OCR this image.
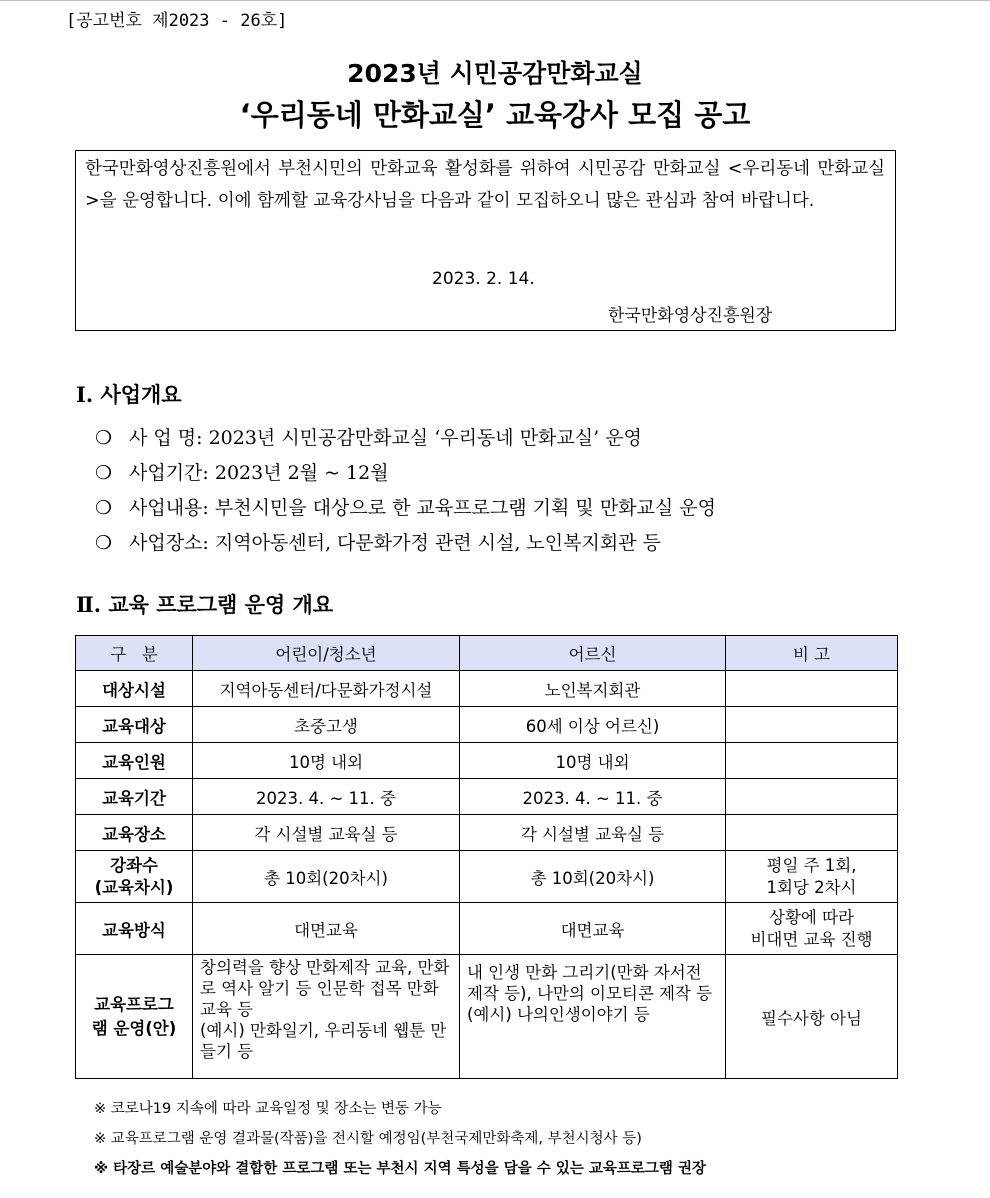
[공고번호 제2023 - 26호]
2023년 시민공감만화교실
‘우리동네 만화교실’ 교육강사 모집 공고
한국만화영상진흥원에서 부천시민의 만화교육 활성화를 위하여 시민공감 만화교실 <우리동네 만화교실>을 운영합니다. 이에 함께할 교육강사님을 다음과 같이 모집하오니 많은 관심과 참여 바랍니다.
2023. 2. 14.
한국만화영상진흥원장
Ⅰ. 사업개요
❍ 사 업 명: 2023년 시민공감만화교실 ‘우리동네 만화교실’ 운영
❍ 사업기간: 2023년 2월 ~ 12월
❍ 사업내용: 부천시민을 대상으로 한 교육프로그램 기획 및 만화교실 운영
❍ 사업장소: 지역아동센터, 다문화가정 관련 시설, 노인복지회관 등
Ⅱ. 교육 프로그램 운영 개요
구   분	어린이/청소년	어르신	비 고
대상시설	지역아동센터/다문화가정시설	노인복지회관	
교육대상	초중고생	60세 이상 어르신)	
교육인원	10명 내외	10명 내외	
교육기간	2023. 4. ~ 11. 중	2023. 4. ~ 11. 중	
교육장소	각 시설별 교육실 등	각 시설별 교육실 등	
강좌수
(교육차시)	총 10회(20차시)	총 10회(20차시)	평일 주 1회,
1회당 2차시
교육방식	대면교육	대면교육	상황에 따라
비대면 교육 진행
교육프로그
램 운영(안)	창의력을 향상 만화제작 교육, 만화로 역사 알기 등 인문학 접목 만화 교육 등
(예시) 만화일기, 우리동네 웹툰 만들기 등	내 인생 만화 그리기(만화 자서전 제작 등), 나만의 이모티콘 제작 등
(예시) 나의인생이야기 등	필수사항 아님
※ 코로나19 지속에 따라 교육일정 및 장소는 변동 가능
※ 교육프로그램 운영 결과물(작품)을 전시할 예정임(부천국제만화축제, 부천시청사 등)
※ 타장르 예술분야와 결합한 프로그램 또는 부천시 지역 특성을 담을 수 있는 교육프로그램 권장
